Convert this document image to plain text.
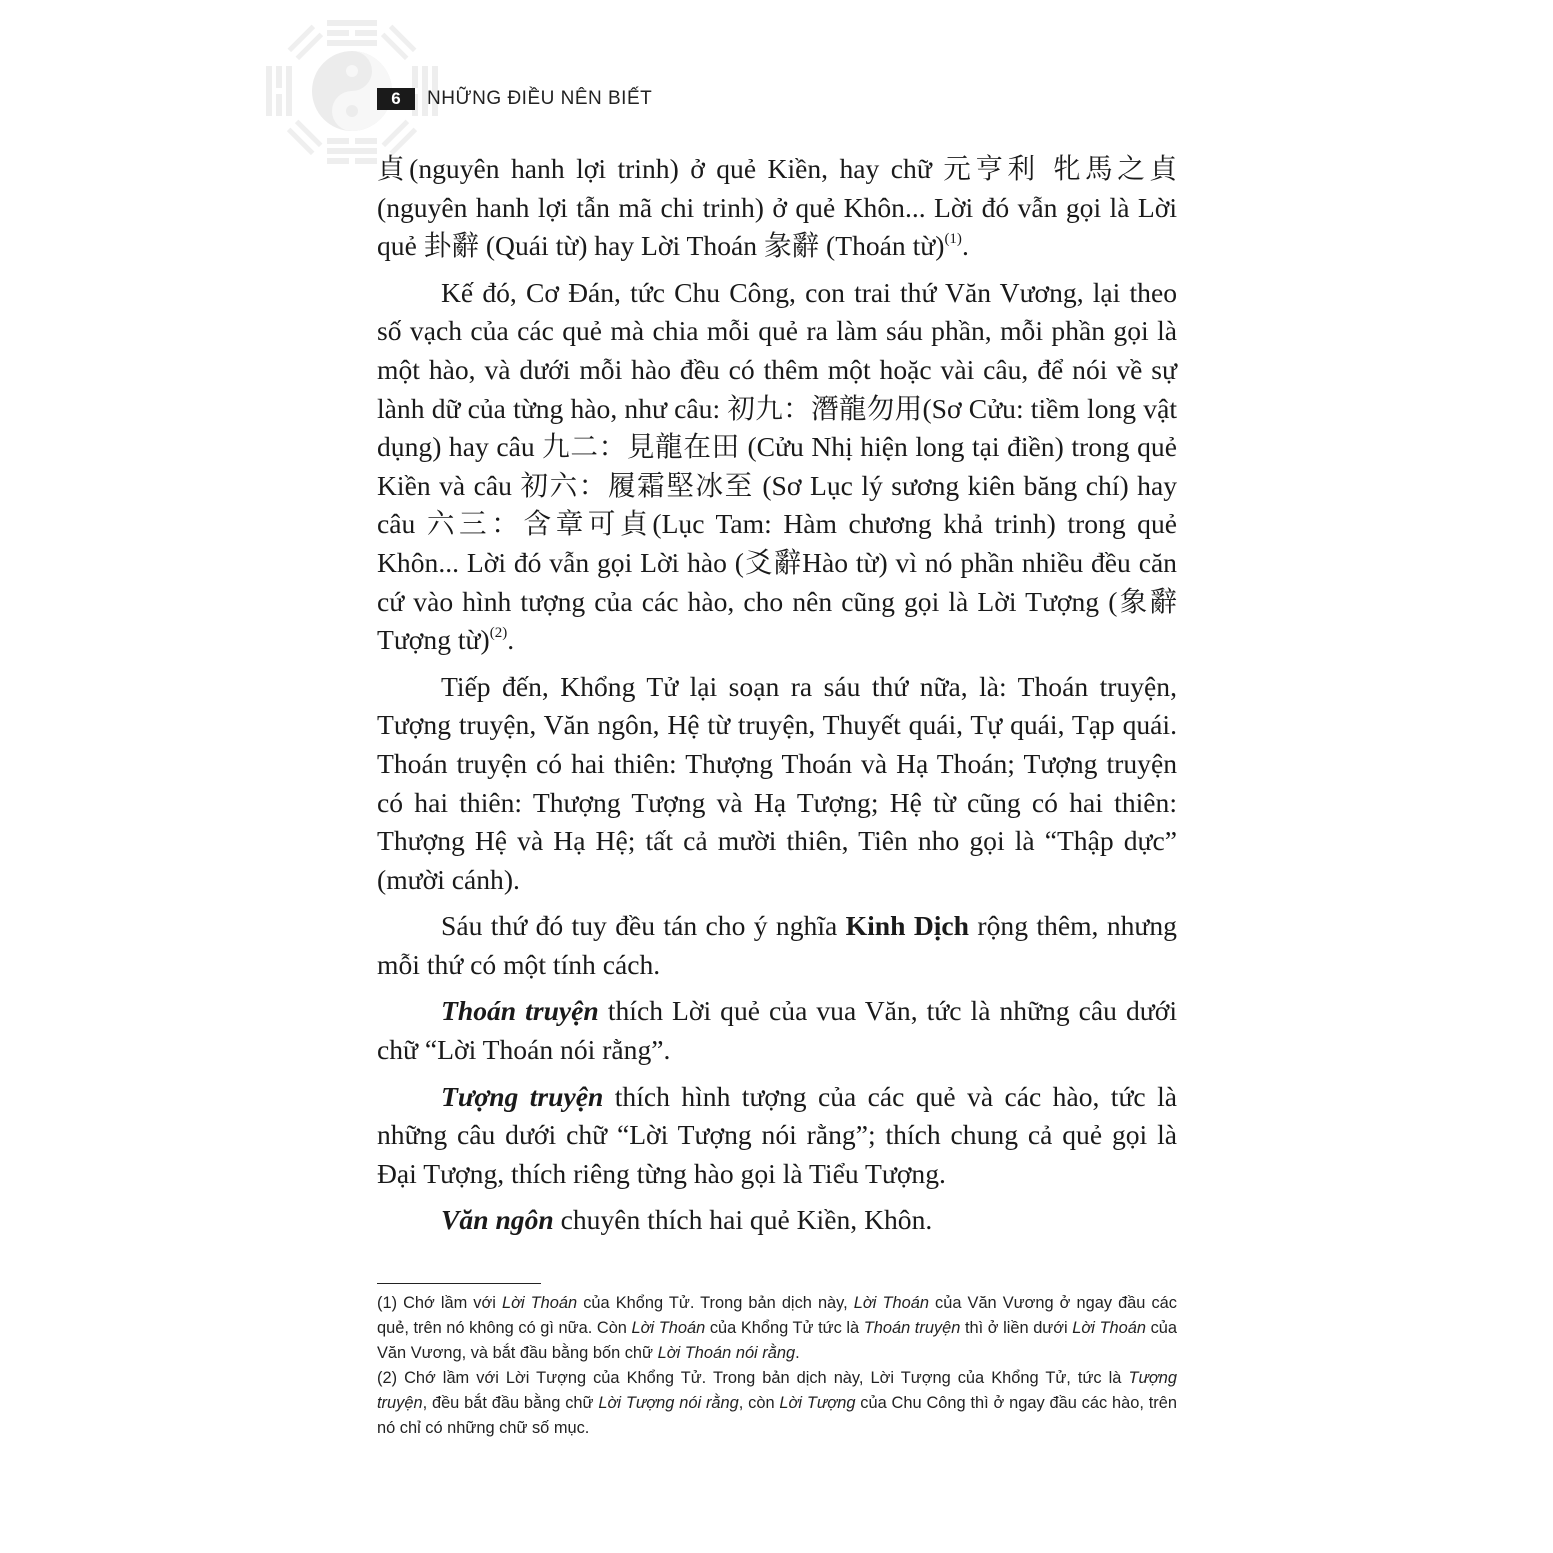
6	NHỮNG ĐIỀU NÊN BIẾT

貞(nguyên hanh lợi trinh) ở quẻ Kiền, hay chữ 元亨利 牝馬之貞 (nguyên hanh lợi tẫn mã chi trinh) ở quẻ Khôn... Lời đó vẫn gọi là Lời quẻ 卦辭 (Quái từ) hay Lời Thoán 彖辭 (Thoán từ)$^{(1)}$.

Kế đó, Cơ Đán, tức Chu Công, con trai thứ Văn Vương, lại theo số vạch của các quẻ mà chia mỗi quẻ ra làm sáu phần, mỗi phần gọi là một hào, và dưới mỗi hào đều có thêm một hoặc vài câu, để nói về sự lành dữ của từng hào, như câu: 初九：潛龍勿用(Sơ Cửu: tiềm long vật dụng) hay câu 九二：見龍在田 (Cửu Nhị hiện long tại điền) trong quẻ Kiền và câu 初六：履霜堅冰至 (Sơ Lục lý sương kiên băng chí) hay câu 六三：含章可貞(Lục Tam: Hàm chương khả trinh) trong quẻ Khôn... Lời đó vẫn gọi Lời hào (爻辭Hào từ) vì nó phần nhiều đều căn cứ vào hình tượng của các hào, cho nên cũng gọi là Lời Tượng (象辭Tượng từ)$^{(2)}$.

Tiếp đến, Khổng Tử lại soạn ra sáu thứ nữa, là: Thoán truyện, Tượng truyện, Văn ngôn, Hệ từ truyện, Thuyết quái, Tự quái, Tạp quái. Thoán truyện có hai thiên: Thượng Thoán và Hạ Thoán; Tượng truyện có hai thiên: Thượng Tượng và Hạ Tượng; Hệ từ cũng có hai thiên: Thượng Hệ và Hạ Hệ; tất cả mười thiên, Tiên nho gọi là “Thập dực” (mười cánh).

Sáu thứ đó tuy đều tán cho ý nghĩa Kinh Dịch rộng thêm, nhưng mỗi thứ có một tính cách.

Thoán truyện thích Lời quẻ của vua Văn, tức là những câu dưới chữ “Lời Thoán nói rằng”.

Tượng truyện thích hình tượng của các quẻ và các hào, tức là những câu dưới chữ “Lời Tượng nói rằng”; thích chung cả quẻ gọi là Đại Tượng, thích riêng từng hào gọi là Tiểu Tượng.

Văn ngôn chuyên thích hai quẻ Kiền, Khôn.

(1) Chớ lầm với Lời Thoán của Khổng Tử. Trong bản dịch này, Lời Thoán của Văn Vương ở ngay đầu các quẻ, trên nó không có gì nữa. Còn Lời Thoán của Khổng Tử tức là Thoán truyện thì ở liền dưới Lời Thoán của Văn Vương, và bắt đầu bằng bốn chữ Lời Thoán nói rằng.

(2) Chớ lầm với Lời Tượng của Khổng Tử. Trong bản dịch này, Lời Tượng của Khổng Tử, tức là Tượng truyện, đều bắt đầu bằng chữ Lời Tượng nói rằng, còn Lời Tượng của Chu Công thì ở ngay đầu các hào, trên nó chỉ có những chữ số mục.
